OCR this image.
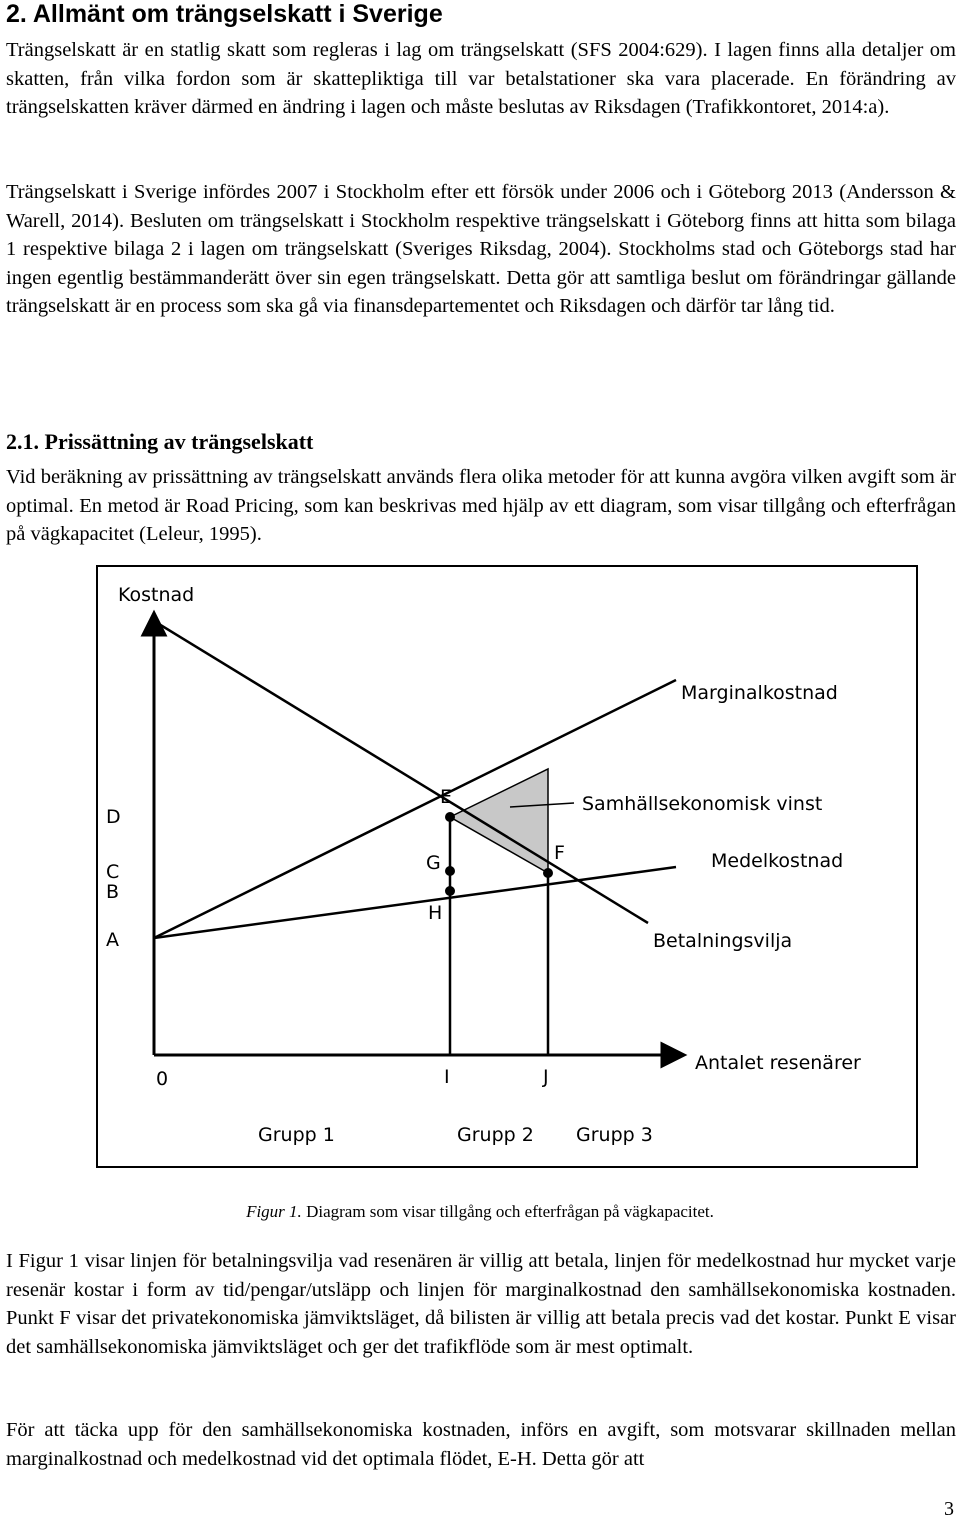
2. Allmänt om trängselskatt i Sverige

Trängselskatt är en statlig skatt som regleras i lag om trängselskatt (SFS 2004:629). I lagen finns alla detaljer om skatten, från vilka fordon som är skattepliktiga till var betalstationer ska vara placerade. En förändring av trängselskatten kräver därmed en ändring i lagen och måste beslutas av Riksdagen (Trafikkontoret, 2014:a).

Trängselskatt i Sverige infördes 2007 i Stockholm efter ett försök under 2006 och i Göteborg 2013 (Andersson & Warell, 2014). Besluten om trängselskatt i Stockholm respektive trängselskatt i Göteborg finns att hitta som bilaga 1 respektive bilaga 2 i lagen om trängselskatt (Sveriges Riksdag, 2004). Stockholms stad och Göteborgs stad har ingen egentlig bestämmanderätt över sin egen trängselskatt. Detta gör att samtliga beslut om förändringar gällande trängselskatt är en process som ska gå via finansdepartementet och Riksdagen och därför tar lång tid.

2.1. Prissättning av trängselskatt

Vid beräkning av prissättning av trängselskatt används flera olika metoder för att kunna avgöra vilken avgift som är optimal. En metod är Road Pricing, som kan beskrivas med hjälp av ett diagram, som visar tillgång och efterfrågan på vägkapacitet (Leleur, 1995).

Kostnad
Antalet resenärer
0
D
C
B
A
I	J
E
F
G
H
Marginalkostnad
Samhällsekonomisk vinst
Medelkostnad
Betalningsvilja
Grupp 1	Grupp 2 Grupp 3
Figur 1. Diagram som visar tillgång och efterfrågan på vägkapacitet.

I Figur 1 visar linjen för betalningsvilja vad resenären är villig att betala, linjen för medelkostnad hur mycket varje resenär kostar i form av tid/pengar/utsläpp och linjen för marginalkostnad den samhällsekonomiska kostnaden. Punkt F visar det privatekonomiska jämviktsläget, då bilisten är villig att betala precis vad det kostar. Punkt E visar det samhällsekonomiska jämviktsläget och ger det trafikflöde som är mest optimalt.

För att täcka upp för den samhällsekonomiska kostnaden, införs en avgift, som motsvarar skillnaden mellan marginalkostnad och medelkostnad vid det optimala flödet, E-H. Detta gör att

3
